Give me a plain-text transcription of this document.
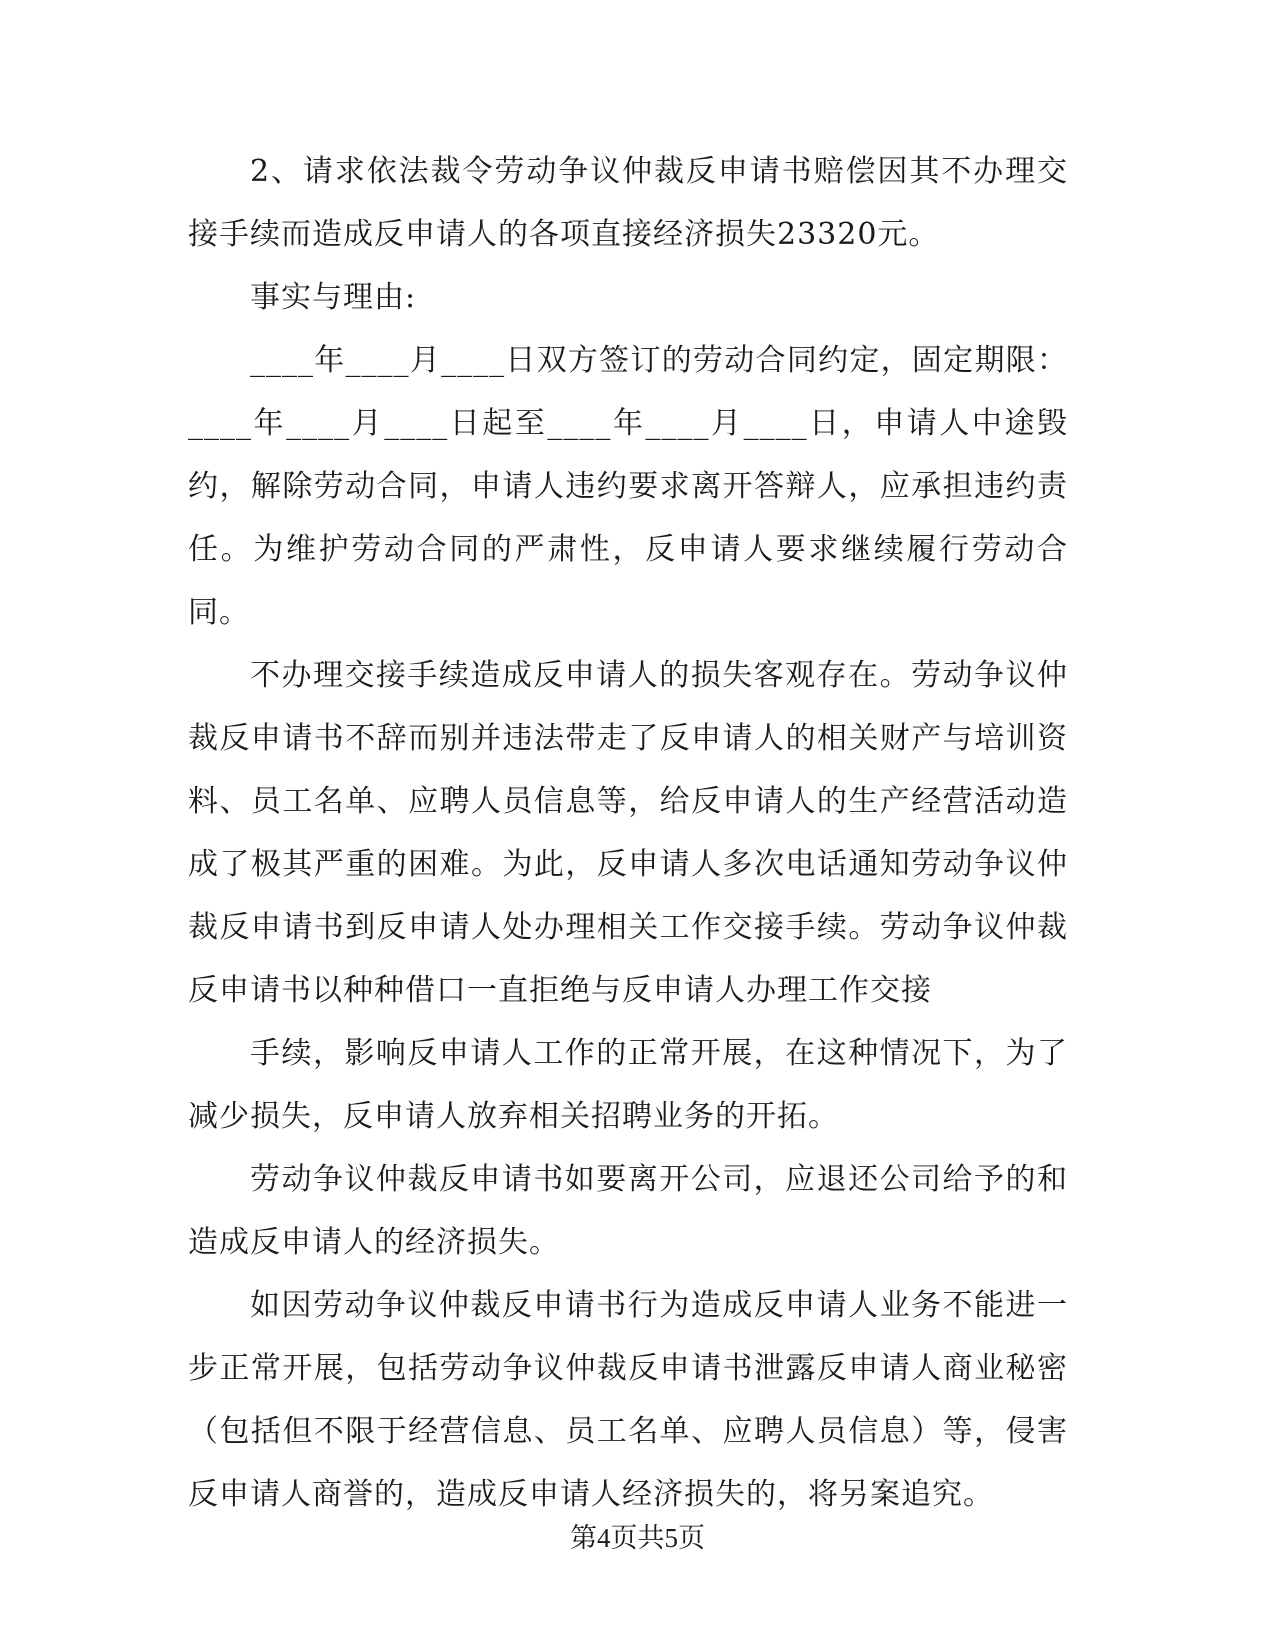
2、请求依法裁令劳动争议仲裁反申请书赔偿因其不办理交接手续而造成反申请人的各项直接经济损失23320元。

事实与理由:

____年____月____日双方签订的劳动合同约定，固定期限：____年____月____日起至____年____月____日，申请人中途毁约，解除劳动合同，申请人违约要求离开答辩人，应承担违约责任。为维护劳动合同的严肃性，反申请人要求继续履行劳动合同。

不办理交接手续造成反申请人的损失客观存在。劳动争议仲裁反申请书不辞而别并违法带走了反申请人的相关财产与培训资料、员工名单、应聘人员信息等，给反申请人的生产经营活动造成了极其严重的困难。为此，反申请人多次电话通知劳动争议仲裁反申请书到反申请人处办理相关工作交接手续。劳动争议仲裁反申请书以种种借口一直拒绝与反申请人办理工作交接

手续，影响反申请人工作的正常开展，在这种情况下，为了减少损失，反申请人放弃相关招聘业务的开拓。

劳动争议仲裁反申请书如要离开公司，应退还公司给予的和造成反申请人的经济损失。

如因劳动争议仲裁反申请书行为造成反申请人业务不能进一步正常开展，包括劳动争议仲裁反申请书泄露反申请人商业秘密（包括但不限于经营信息、员工名单、应聘人员信息）等，侵害反申请人商誉的，造成反申请人经济损失的，将另案追究。

第4页共5页
